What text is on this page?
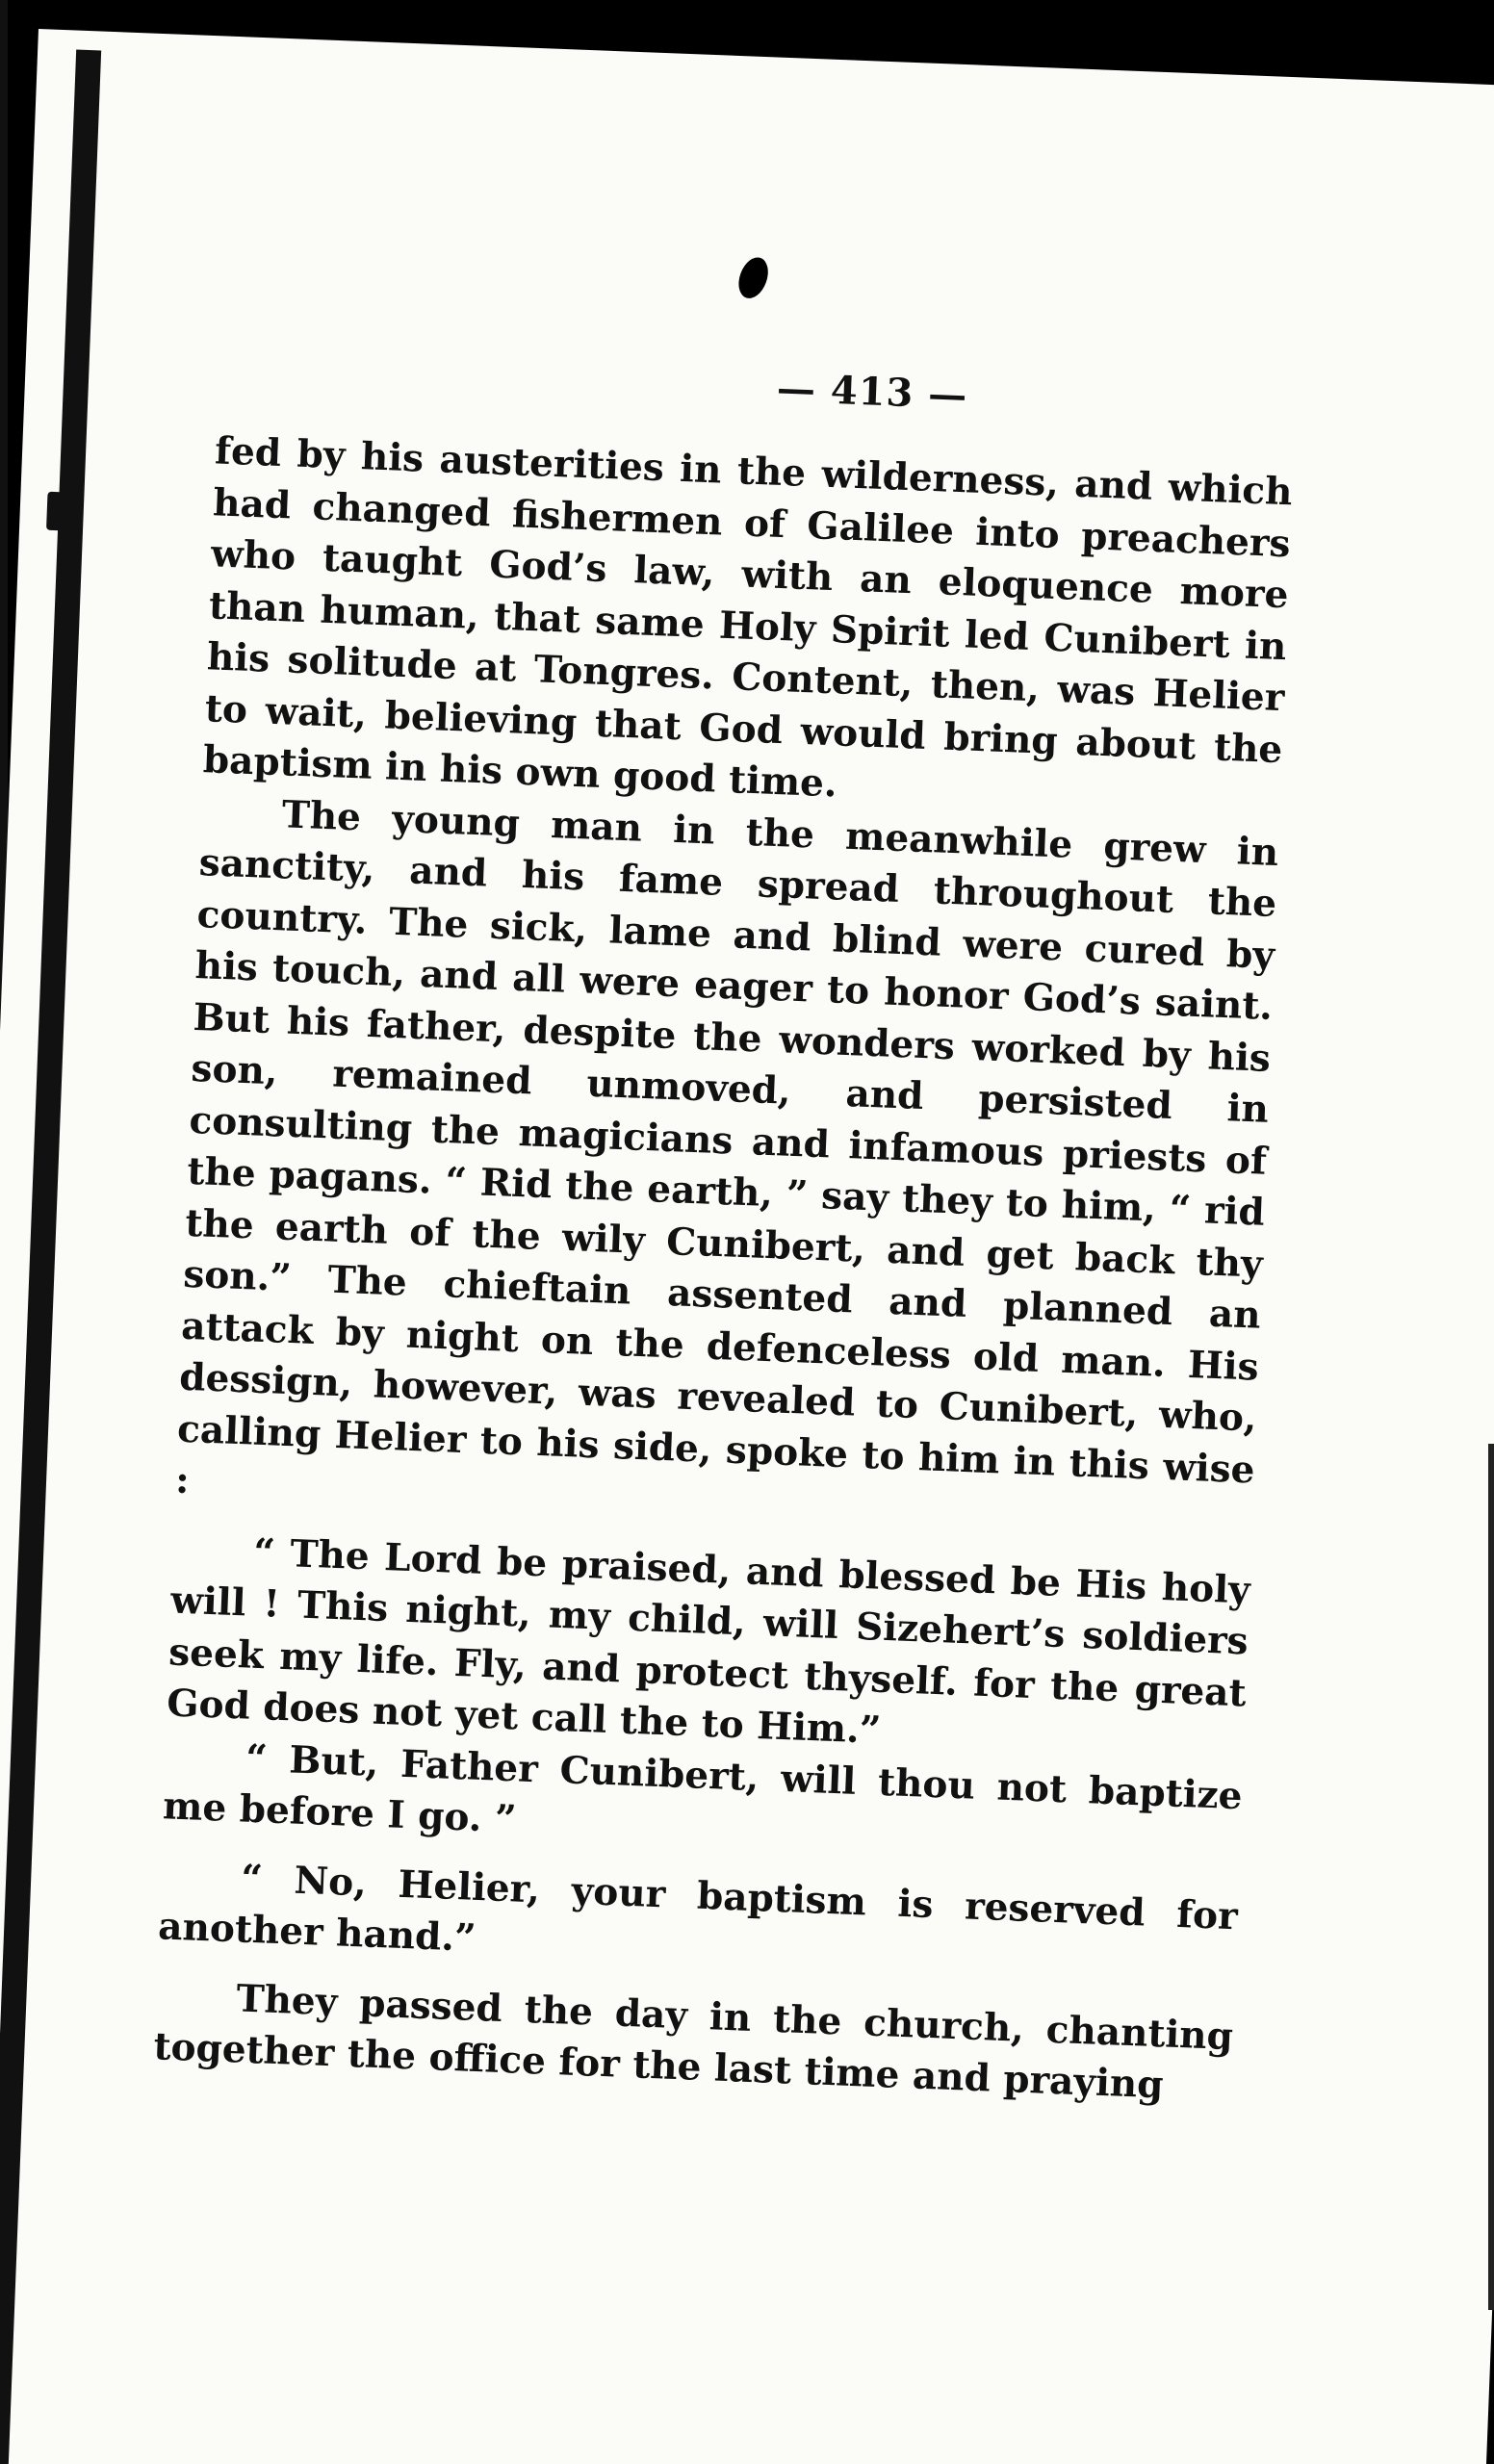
— 413 —

fed by his austerities in the wilderness, and which had changed fishermen of Galilee into preachers who taught God’s law, with an eloquence more than human, that same Holy Spirit led Cunibert in his solitude at Tongres. Content, then, was Helier to wait, believing that God would bring about the baptism in his own good time.

The young man in the meanwhile grew in sanctity, and his fame spread throughout the country. The sick, lame and blind were cured by his touch, and all were eager to honor God’s saint. But his father, despite the wonders worked by his son, remained unmoved, and persisted in consulting the magicians and infamous priests of the pagans. “ Rid the earth, ” say they to him, “ rid the earth of the wily Cunibert, and get back thy son.” The chieftain assented and planned an attack by night on the defenceless old man. His dessign, however, was revealed to Cunibert, who, calling Helier to his side, spoke to him in this wise :

“ The Lord be praised, and blessed be His holy will ! This night, my child, will Sizehert’s soldiers seek my life. Fly, and protect thyself. for the great God does not yet call the to Him.”

“ But, Father Cunibert, will thou not baptize me before I go. ”

“ No, Helier, your baptism is reserved for another hand.”

They passed the day in the church, chanting together the office for the last time and praying
